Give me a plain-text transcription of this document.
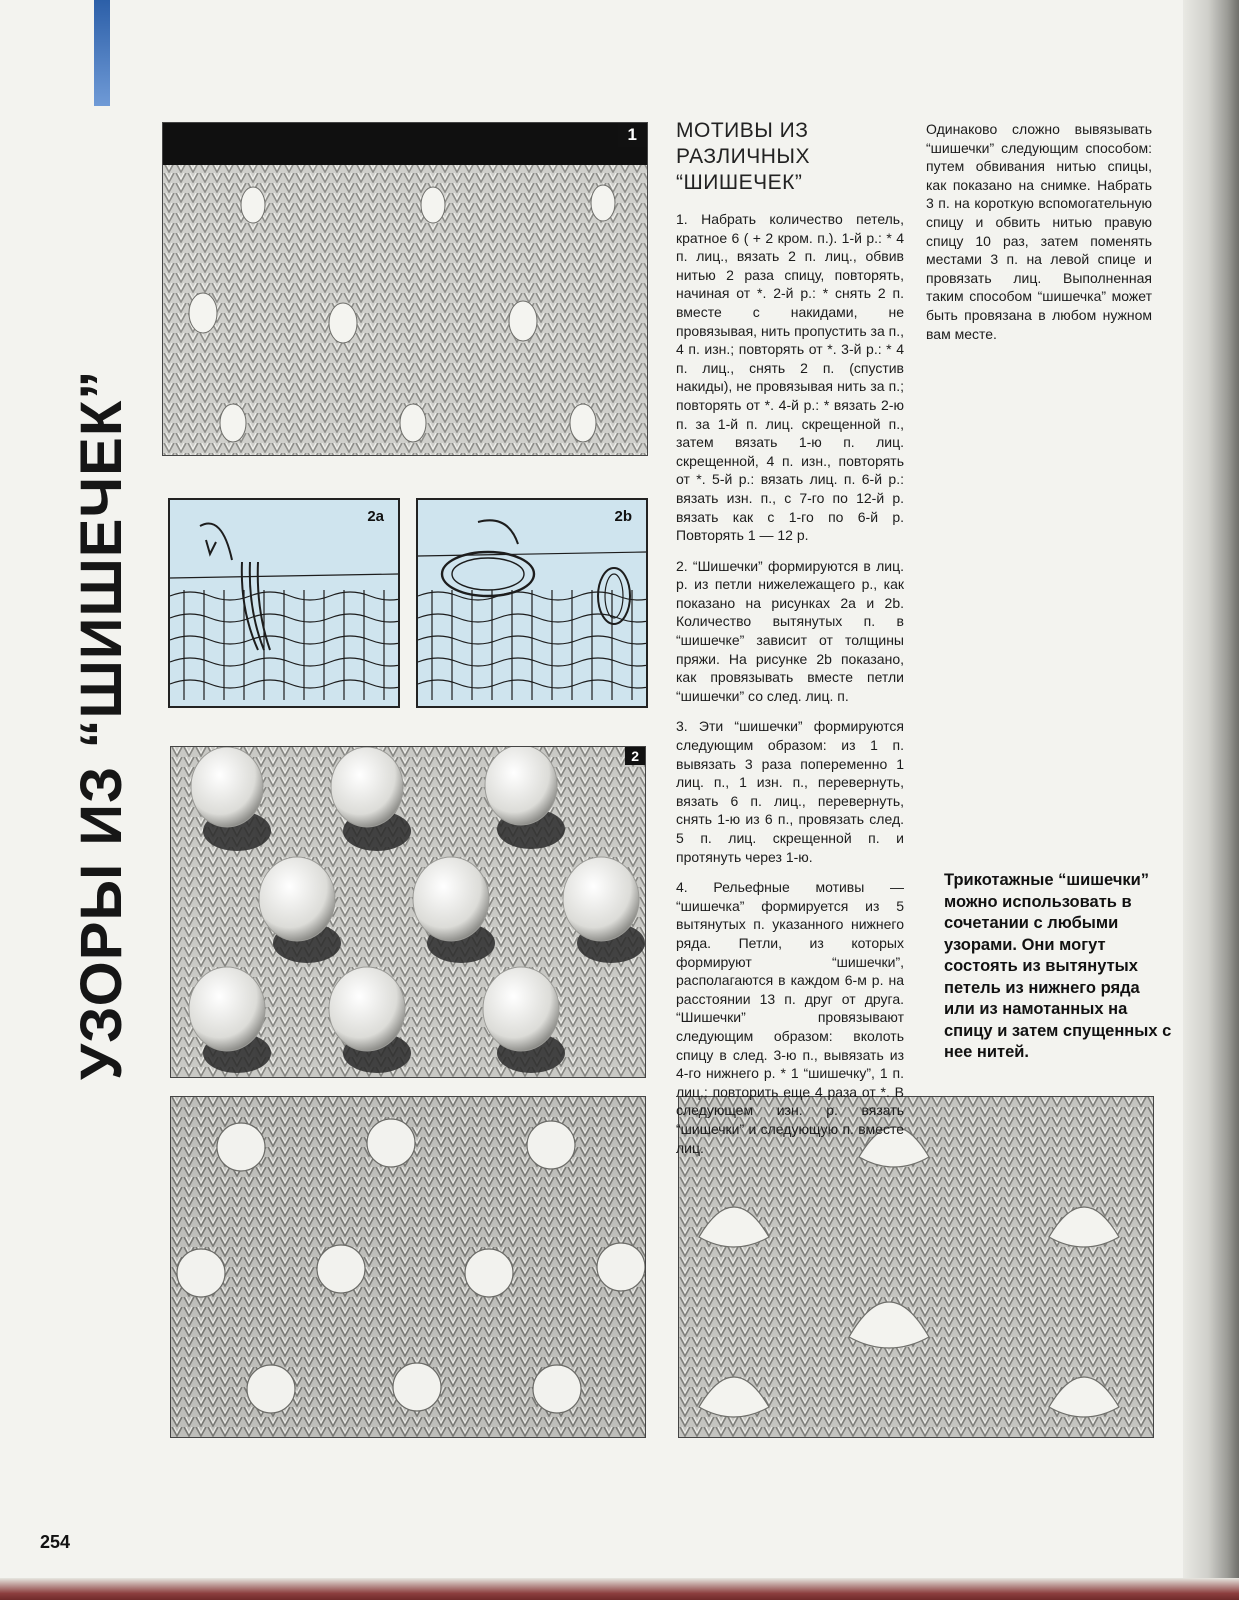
УЗОРЫ ИЗ “ШИШЕЧЕК”
1
2a	2b
2
МОТИВЫ ИЗ РАЗЛИЧНЫХ “ШИШЕЧЕК”

1. Набрать количество петель, кратное 6 ( + 2 кром. п.). 1-й р.: * 4 п. лиц., вязать 2 п. лиц., обвив нитью 2 раза спицу, повторять, начиная от *. 2-й р.: * снять 2 п. вместе с накидами, не провязывая, нить пропустить за п., 4 п. изн.; повторять от *. 3-й р.: * 4 п. лиц., снять 2 п. (спустив накиды), не провязывая нить за п.; повторять от *. 4-й р.: * вязать 2-ю п. за 1-й п. лиц. скрещенной п., затем вязать 1-ю п. лиц. скрещенной, 4 п. изн., повторять от *. 5-й р.: вязать лиц. п. 6-й р.: вязать изн. п., с 7-го по 12-й р. вязать как с 1-го по 6-й р. Повторять 1 — 12 р.

2. “Шишечки” формируются в лиц. р. из петли нижележащего р., как показано на рисунках 2а и 2b. Количество вытянутых п. в “шишечке” зависит от толщины пряжи. На рисунке 2b показано, как провязывать вместе петли “шишечки” со след. лиц. п.

3. Эти “шишечки” формируются следующим образом: из 1 п. вывязать 3 раза попеременно 1 лиц. п., 1 изн. п., перевернуть, вязать 6 п. лиц., перевернуть, снять 1-ю из 6 п., провязать след. 5 п. лиц. скрещенной п. и протянуть через 1-ю.

4. Рельефные мотивы — “шишечка” формируется из 5 вытянутых п. указанного нижнего ряда. Петли, из которых формируют “шишечки”, располагаются в каждом 6-м р. на расстоянии 13 п. друг от друга. “Шишечки” провязывают следующим образом: вколоть спицу в след. 3-ю п., вывязать из 4-го нижнего р. * 1 “шишечку”, 1 п. лиц.; повторить еще 4 раза от *. В следующем изн. р. вязать “шишечки” и следующую п. вместе лиц.

Одинаково сложно вывязывать “шишечки” следующим способом: путем обвивания нитью спицы, как показано на снимке. Набрать 3 п. на короткую вспомогательную спицу и обвить нитью правую спицу 10 раз, затем поменять местами 3 п. на левой спице и провязать лиц. Выполненная таким способом “шишечка” может быть провязана в любом нужном вам месте.

Трикотажные “шишечки” можно использовать в сочетании с любыми узорами. Они могут состоять из вытянутых петель из нижнего ряда или из намотанных на спицу и затем спущенных с нее нитей.
254
